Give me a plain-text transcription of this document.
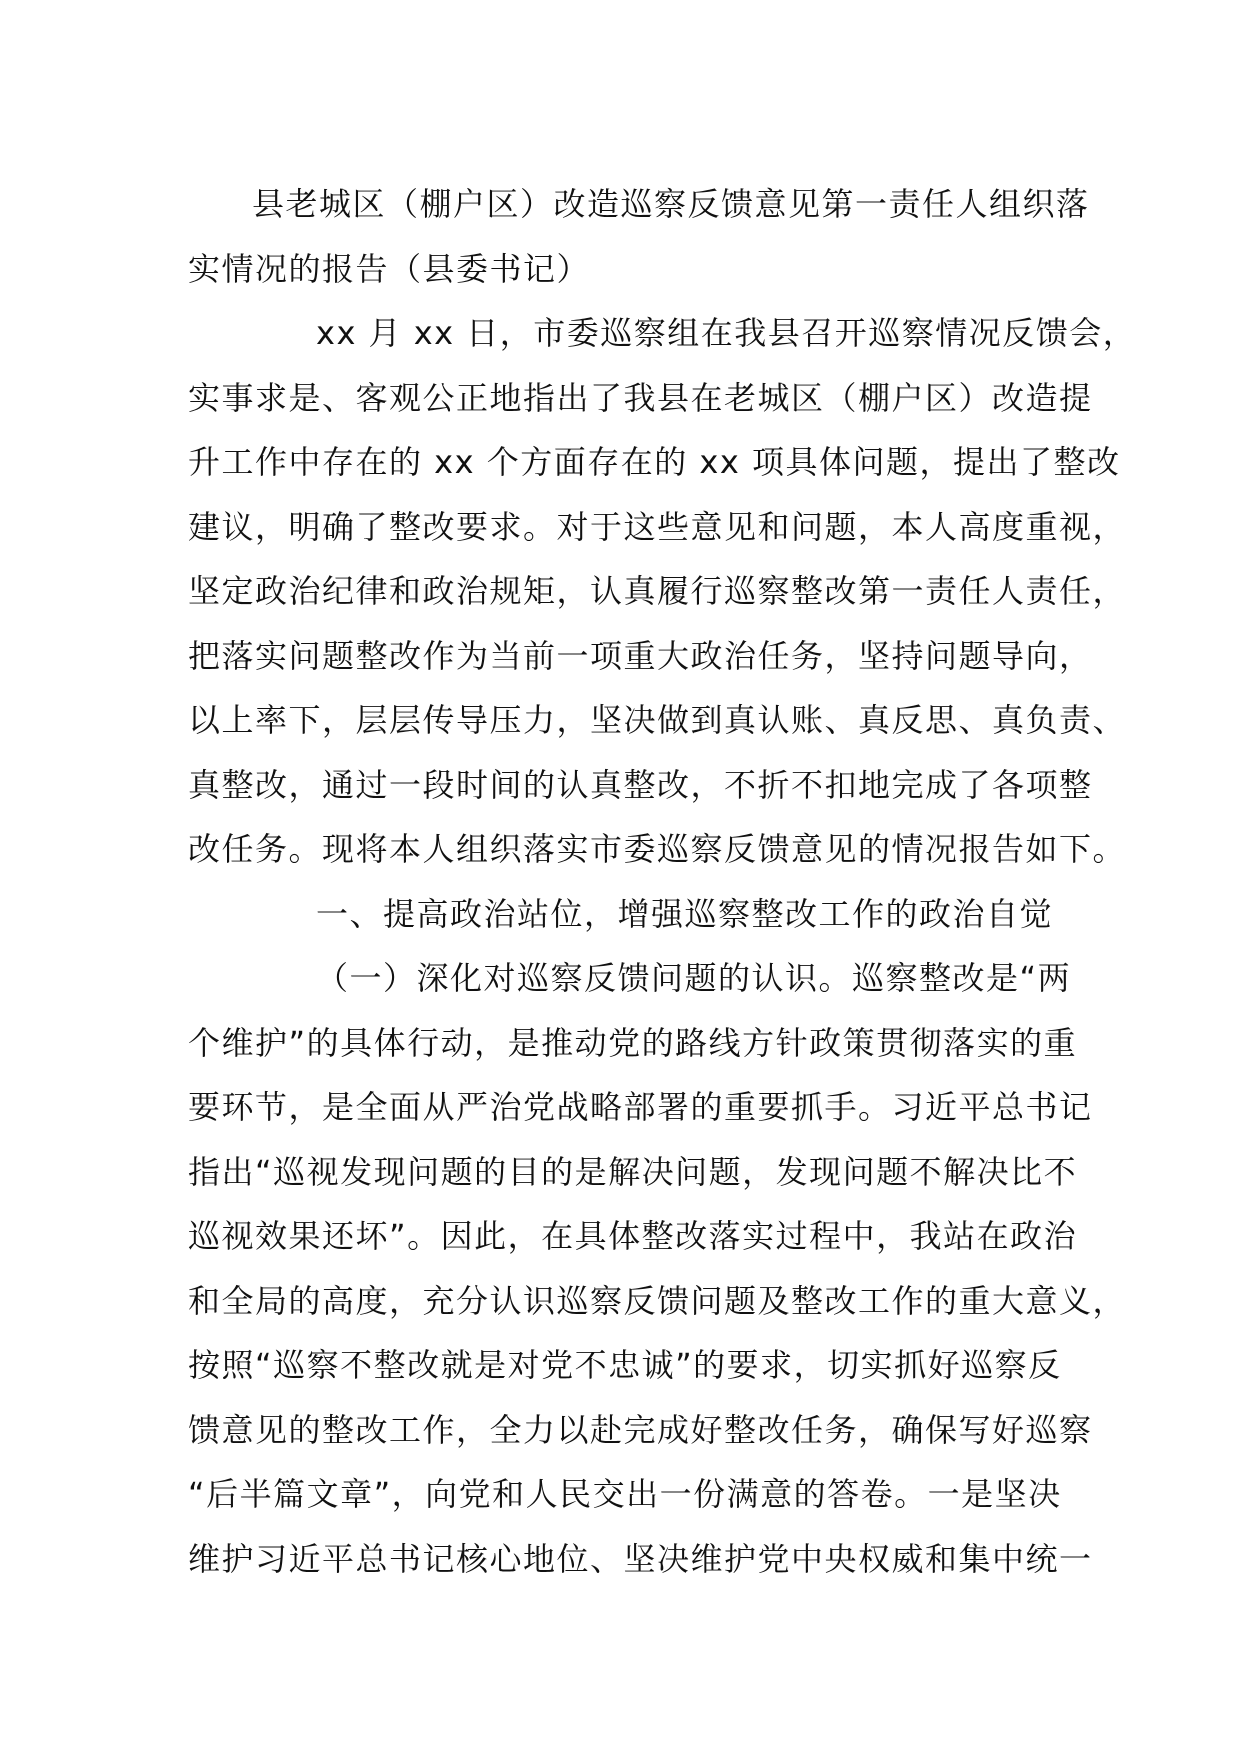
县老城区（棚户区）改造巡察反馈意见第一责任人组织落
实情况的报告（县委书记）
xx 月 xx 日，市委巡察组在我县召开巡察情况反馈会，
实事求是、客观公正地指出了我县在老城区（棚户区）改造提
升工作中存在的 xx 个方面存在的 xx 项具体问题，提出了整改
建议，明确了整改要求。对于这些意见和问题，本人高度重视，
坚定政治纪律和政治规矩，认真履行巡察整改第一责任人责任，
把落实问题整改作为当前一项重大政治任务，坚持问题导向，
以上率下，层层传导压力，坚决做到真认账、真反思、真负责、
真整改，通过一段时间的认真整改，不折不扣地完成了各项整
改任务。现将本人组织落实市委巡察反馈意见的情况报告如下。
一、提高政治站位，增强巡察整改工作的政治自觉
（一）深化对巡察反馈问题的认识。巡察整改是“两
个维护”的具体行动，是推动党的路线方针政策贯彻落实的重
要环节，是全面从严治党战略部署的重要抓手。习近平总书记
指出“巡视发现问题的目的是解决问题，发现问题不解决比不
巡视效果还坏”。因此，在具体整改落实过程中，我站在政治
和全局的高度，充分认识巡察反馈问题及整改工作的重大意义，
按照“巡察不整改就是对党不忠诚”的要求，切实抓好巡察反
馈意见的整改工作，全力以赴完成好整改任务，确保写好巡察
“后半篇文章”，向党和人民交出一份满意的答卷。一是坚决
维护习近平总书记核心地位、坚决维护党中央权威和集中统一
